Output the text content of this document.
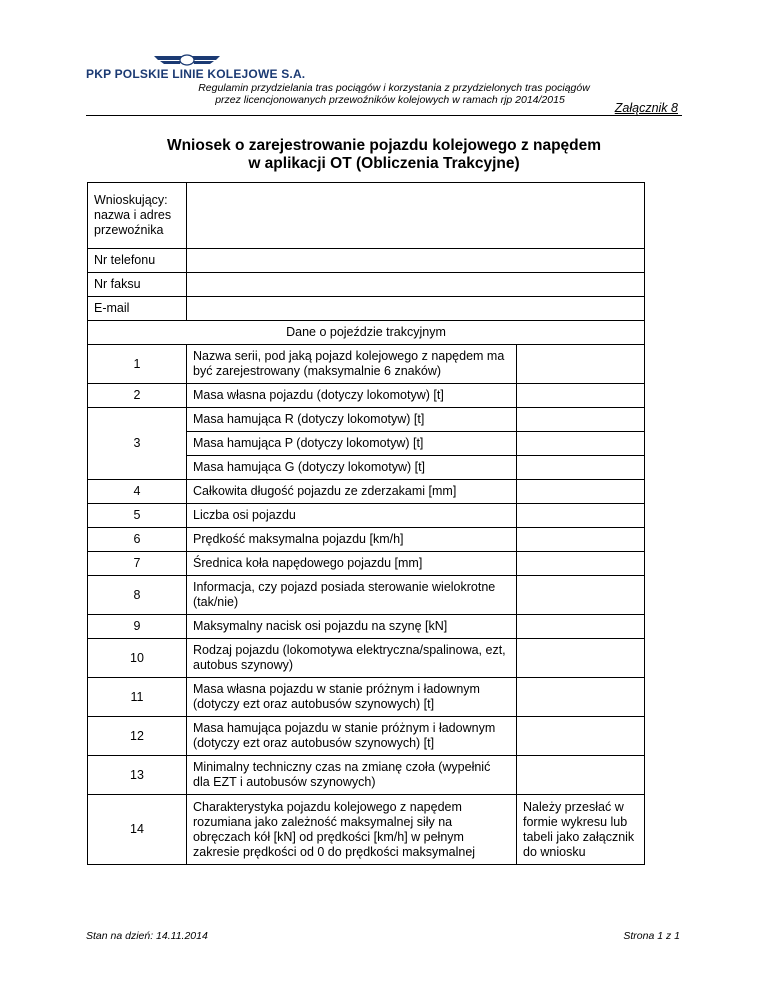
PKP POLSKIE LINIE KOLEJOWE S.A.
Regulamin przydzielania tras pociągów i korzystania z przydzielonych tras pociągów
przez licencjonowanych przewoźników kolejowych w ramach rjp 2014/2015
Załącznik 8
Wniosek o zarejestrowanie pojazdu kolejowego z napędem
w aplikacji OT (Obliczenia Trakcyjne)
Wnioskujący: nazwa i adres przewoźnika		
Nr telefonu		
Nr faksu		
E-mail		
Dane o pojeździe trakcyjnym		
1	Nazwa serii, pod jaką pojazd kolejowego z napędem ma być zarejestrowany (maksymalnie 6 znaków)	
2	Masa własna pojazdu (dotyczy lokomotyw) [t]	
3	Masa hamująca R (dotyczy lokomotyw) [t]	
	Masa hamująca P (dotyczy lokomotyw) [t]	
	Masa hamująca G (dotyczy lokomotyw) [t]	
4	Całkowita długość pojazdu ze zderzakami [mm]	
5	Liczba osi pojazdu	
6	Prędkość maksymalna pojazdu [km/h]	
7	Średnica koła napędowego pojazdu [mm]	
8	Informacja, czy pojazd posiada sterowanie wielokrotne (tak/nie)	
9	Maksymalny nacisk osi pojazdu na szynę [kN]	
10	Rodzaj pojazdu (lokomotywa elektryczna/spalinowa, ezt, autobus szynowy)	
11	Masa własna pojazdu w stanie próżnym i ładownym (dotyczy ezt oraz autobusów szynowych) [t]	
12	Masa hamująca pojazdu w stanie próżnym i ładownym (dotyczy ezt oraz autobusów szynowych) [t]	
13	Minimalny techniczny czas na zmianę czoła (wypełnić dla EZT i autobusów szynowych)	
14	Charakterystyka pojazdu kolejowego z napędem rozumiana jako zależność maksymalnej siły na obręczach kół [kN] od prędkości [km/h] w pełnym zakresie prędkości od 0 do prędkości maksymalnej	Należy przesłać w formie wykresu lub tabeli jako załącznik do wniosku
Stan na dzień: 14.11.2014	Strona 1 z 1
